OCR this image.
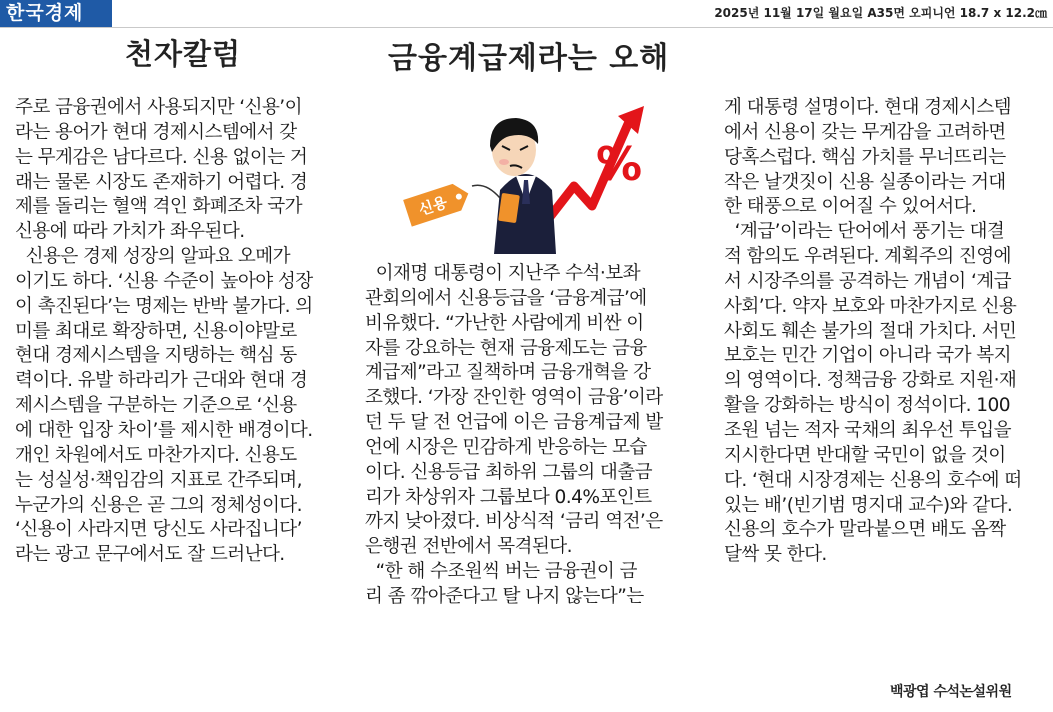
한국경제	2025년 11월 17일 월요일 A35면 오피니언 18.7 x 12.2㎝
천자칼럼	금융계급제라는 오해
주로 금융권에서 사용되지만 ‘신용’이
라는 용어가 현대 경제시스템에서 갖
는 무게감은 남다르다. 신용 없이는 거
래는 물론 시장도 존재하기 어렵다. 경
제를 돌리는 혈액 격인 화폐조차 국가
신용에 따라 가치가 좌우된다.
신용은 경제 성장의 알파요 오메가
이기도 하다. ‘신용 수준이 높아야 성장
이 촉진된다’는 명제는 반박 불가다. 의
미를 최대로 확장하면, 신용이야말로
현대 경제시스템을 지탱하는 핵심 동
력이다. 유발 하라리가 근대와 현대 경
제시스템을 구분하는 기준으로 ‘신용
에 대한 입장 차이’를 제시한 배경이다.
개인 차원에서도 마찬가지다. 신용도
는 성실성·책임감의 지표로 간주되며,
누군가의 신용은 곧 그의 정체성이다.
‘신용이 사라지면 당신도 사라집니다’
라는 광고 문구에서도 잘 드러난다.
%
신용
이재명 대통령이 지난주 수석·보좌
관회의에서 신용등급을 ‘금융계급’에
비유했다. “가난한 사람에게 비싼 이
자를 강요하는 현재 금융제도는 금융
계급제”라고 질책하며 금융개혁을 강
조했다. ‘가장 잔인한 영역이 금융’이라
던 두 달 전 언급에 이은 금융계급제 발
언에 시장은 민감하게 반응하는 모습
이다. 신용등급 최하위 그룹의 대출금
리가 차상위자 그룹보다 0.4%포인트
까지 낮아졌다. 비상식적 ‘금리 역전’은
은행권 전반에서 목격된다.
“한 해 수조원씩 버는 금융권이 금
리 좀 깎아준다고 탈 나지 않는다”는
게 대통령 설명이다. 현대 경제시스템
에서 신용이 갖는 무게감을 고려하면
당혹스럽다. 핵심 가치를 무너뜨리는
작은 날갯짓이 신용 실종이라는 거대
한 태풍으로 이어질 수 있어서다.
‘계급’이라는 단어에서 풍기는 대결
적 함의도 우려된다. 계획주의 진영에
서 시장주의를 공격하는 개념이 ‘계급
사회’다. 약자 보호와 마찬가지로 신용
사회도 훼손 불가의 절대 가치다. 서민
보호는 민간 기업이 아니라 국가 복지
의 영역이다. 정책금융 강화로 지원·재
활을 강화하는 방식이 정석이다. 100
조원 넘는 적자 국채의 최우선 투입을
지시한다면 반대할 국민이 없을 것이
다. ‘현대 시장경제는 신용의 호수에 떠
있는 배’(빈기범 명지대 교수)와 같다.
신용의 호수가 말라붙으면 배도 옴짝
달싹 못 한다.
백광엽 수석논설위원
